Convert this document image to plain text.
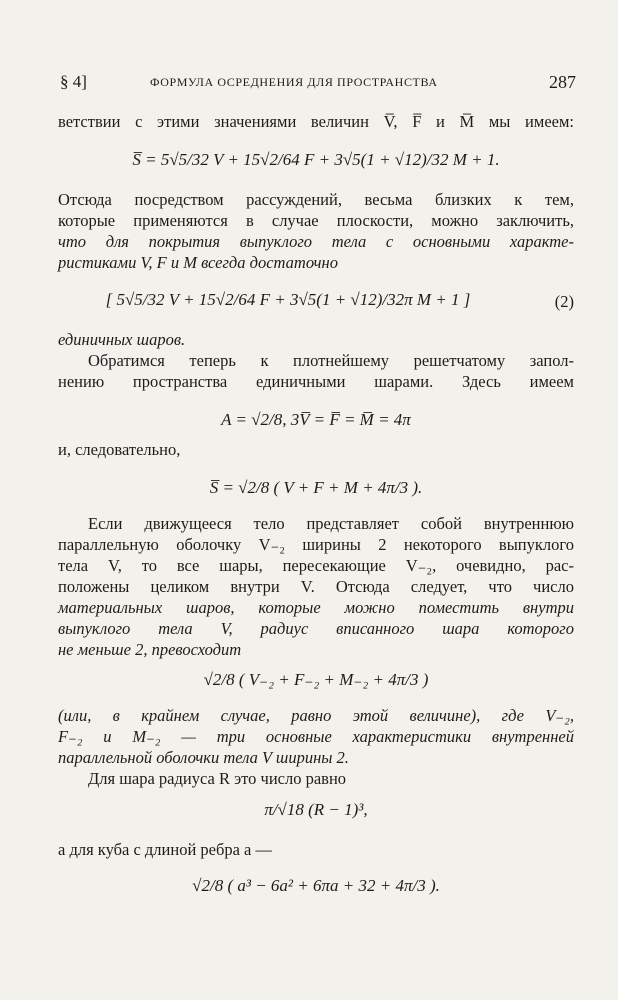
§ 4]	ФОРМУЛА ОСРЕДНЕНИЯ ДЛЯ ПРОСТРАНСТВА	287
ветствии с этими значениями величин V̅, F̅ и M̅ мы имеем:
S̅ = 5√5/32 V + 15√2/64 F + 3√5(1 + √12)/32 M + 1.
Отсюда посредством рассуждений, весьма близких к тем,
которые применяются в случае плоскости, можно заключить,
что для покрытия выпуклого тела с основными характе-
ристиками V, F и M всегда достаточно
[ 5√5/32 V + 15√2/64 F + 3√5(1 + √12)/32π M + 1 ]	(2)
единичных шаров.
Обратимся теперь к плотнейшему решетчатому запол-
нению пространства единичными шарами. Здесь имеем
A = √2/8, 3V̅ = F̅ = M̅ = 4π
и, следовательно,
S̅ = √2/8 ( V + F + M + 4π/3 ).
Если движущееся тело представляет собой внутреннюю
параллельную оболочку V₋₂ ширины 2 некоторого выпуклого
тела V, то все шары, пересекающие V₋₂, очевидно, рас-
положены целиком внутри V. Отсюда следует, что число
материальных шаров, которые можно поместить внутри
выпуклого тела V, радиус вписанного шара которого
не меньше 2, превосходит
√2/8 ( V₋₂ + F₋₂ + M₋₂ + 4π/3 )
(или, в крайнем случае, равно этой величине), где V₋₂,
F₋₂ и M₋₂ — три основные характеристики внутренней
параллельной оболочки тела V ширины 2.
Для шара радиуса R это число равно
π/√18 (R − 1)³,
а для куба с длиной ребра a —
√2/8 ( a³ − 6a² + 6πa + 32 + 4π/3 ).
